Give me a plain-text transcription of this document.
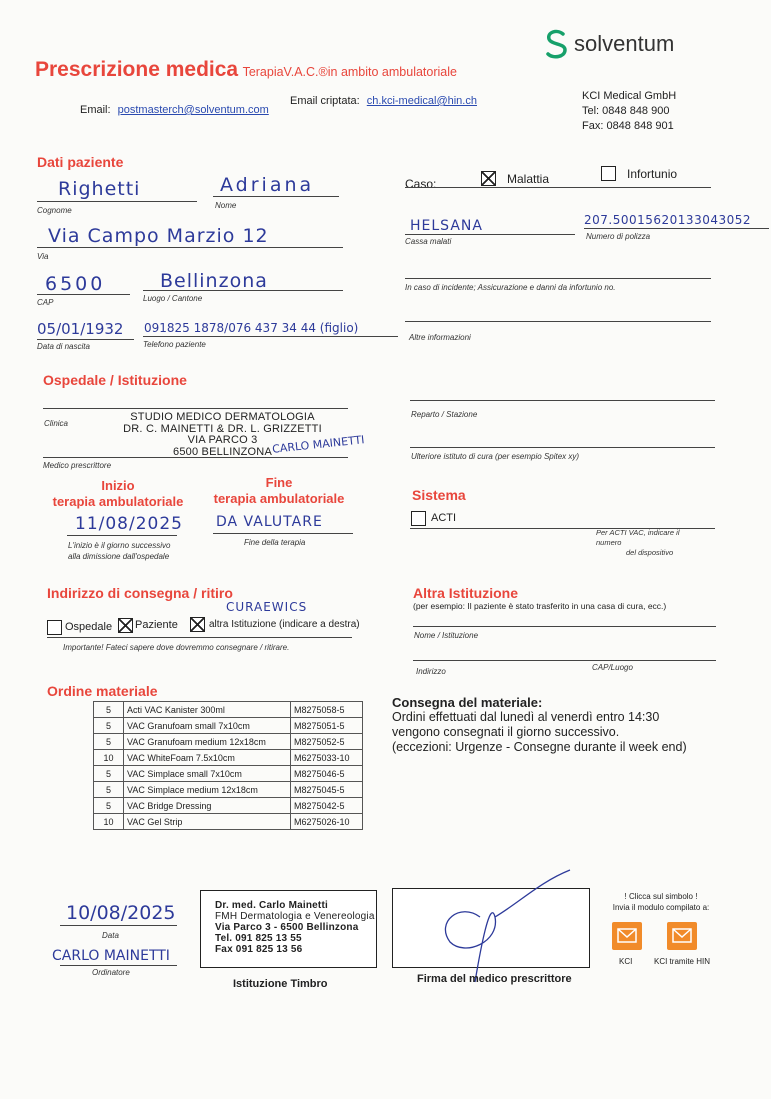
Prescrizione medica TerapiaV.A.C.®in ambito ambulatoriale
solventum
Email: postmasterch@solventum.com
Email criptata: ch.kci-medical@hin.ch	KCI Medical GmbH
Tel: 0848 848 900
Fax: 0848 848 901
Dati paziente
Righetti
Cognome
Adriana
Nome
Via Campo Marzio 12
Via
6500
CAP
Bellinzona
Luogo / Cantone
05/01/1932
Data di nascita
091825 1878/076 437 34 44 (figlio)
Telefono paziente
Caso:	Malattia	Infortunio
HELSANA
Cassa malati
207.50015620133043052
Numero di polizza
In caso di incidente; Assicurazione e danni da infortunio no.
Altre informazioni
Ospedale / Istituzione
Clinica
STUDIO MEDICO DERMATOLOGIA
DR. C. MAINETTI & DR. L. GRIZZETTI
VIA PARCO 3
6500 BELLINZONA CARLO MAINETTI
Medico prescrittore
Reparto / Stazione
Ulteriore istituto di cura (per esempio Spitex xy)
Inizio
terapia ambulatoriale
11/08/2025
L'inizio è il giorno successivo
alla dimissione dall'ospedale
Fine
terapia ambulatoriale
DA VALUTARE
Fine della terapia
Sistema
ACTI
Per ACTI VAC, indicare il
numero
del dispositivo
Indirizzo di consegna / ritiro
CURAEWICS
Ospedale Paziente	altra Istituzione (indicare a destra)
Importante! Fateci sapere dove dovremmo consegnare / ritirare.
Altra Istituzione
(per esempio: Il paziente è stato trasferito in una casa di cura, ecc.)
Nome / Istituzione
Indirizzo	CAP/Luogo
Ordine materiale
5	Acti VAC Kanister 300ml	M8275058-5
5	VAC Granufoam small 7x10cm	M8275051-5
5	VAC Granufoam medium 12x18cm	M8275052-5
10	VAC WhiteFoam 7.5x10cm	M6275033-10
5	VAC Simplace small 7x10cm	M8275046-5
5	VAC Simplace medium 12x18cm	M8275045-5
5	VAC Bridge Dressing	M8275042-5
10	VAC Gel Strip	M6275026-10
Consegna del materiale:
Ordini effettuati dal lunedì al venerdì entro 14:30
vengono consegnati il giorno successivo.
(eccezioni: Urgenze - Consegne durante il week end)
10/08/2025
Data
CARLO MAINETTI
Ordinatore
Dr. med. Carlo Mainetti
FMH Dermatologia e Venereologia
Via Parco 3 - 6500 Bellinzona
Tel. 091 825 13 55
Fax 091 825 13 56
Istituzione Timbro	Firma del medico prescrittore
! Clicca sul simbolo !
Invia il modulo compilato a:
KCI	KCI tramite HIN
